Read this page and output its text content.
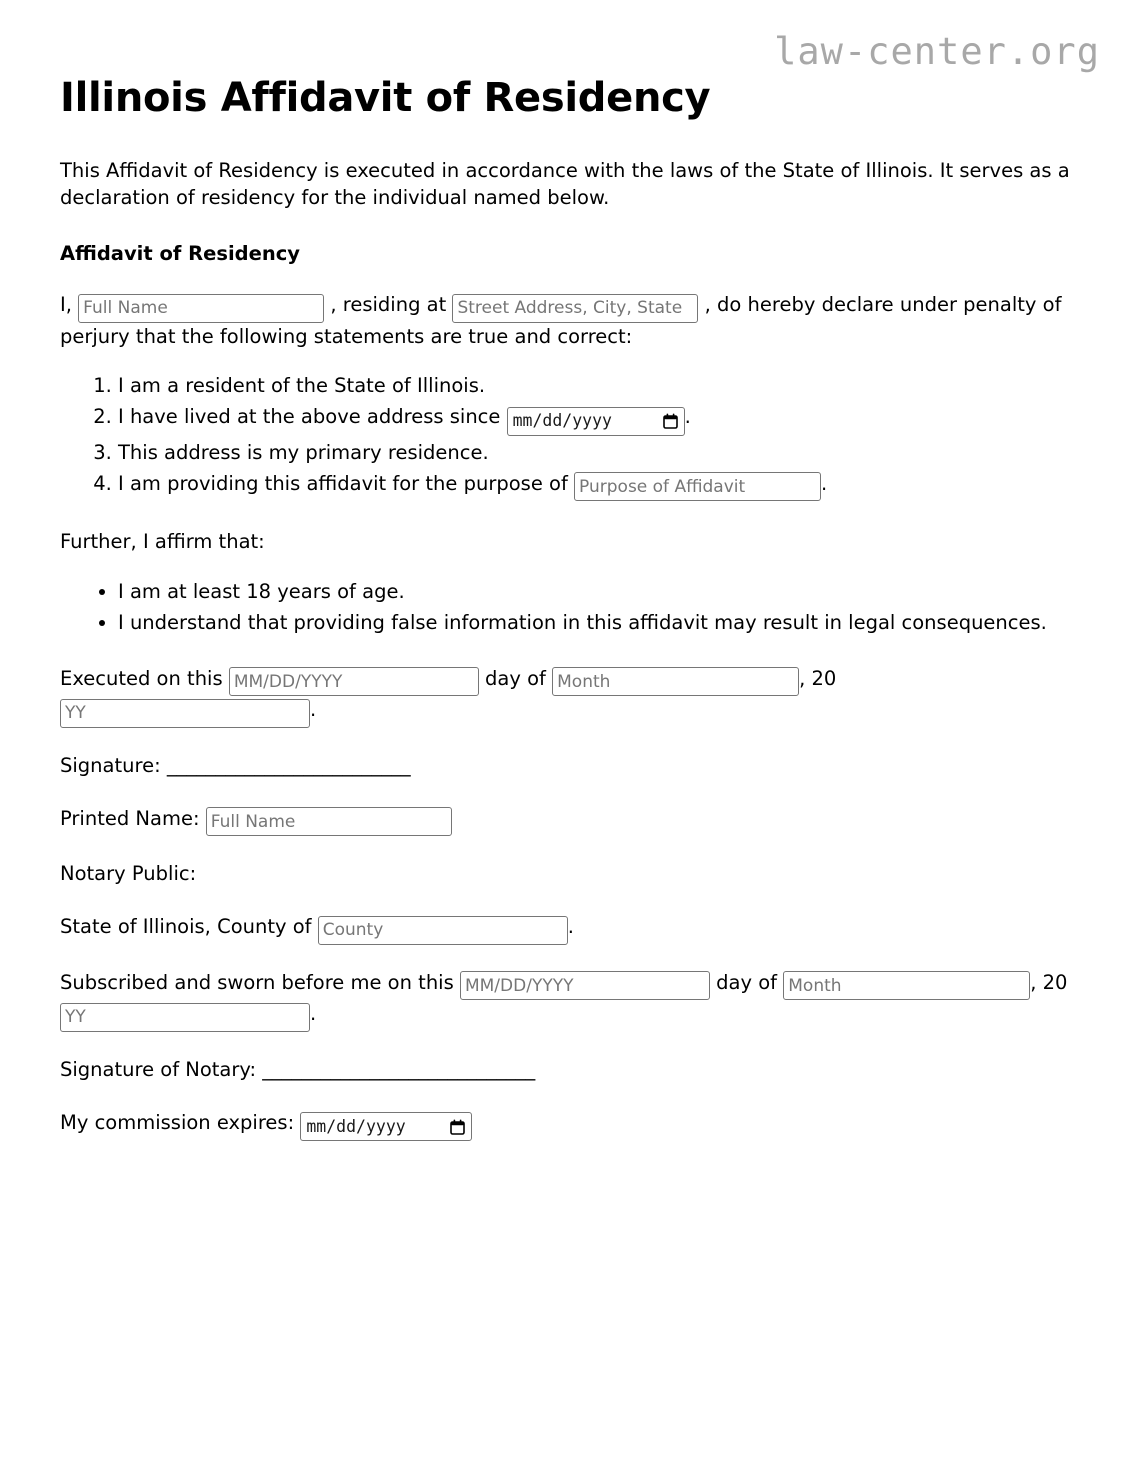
law-center.org
Illinois Affidavit of Residency

This Affidavit of Residency is executed in accordance with the laws of the State of Illinois. It serves as a declaration of residency for the individual named below.

Affidavit of Residency

I, Full Name	, residing at Street Address, City, State	, do hereby declare under penalty of perjury that the following statements are true and correct:

1. I am a resident of the State of Illinois.
2. I have lived at the above address since mm/dd/yyyy	.
3. This address is my primary residence.
4. I am providing this affidavit for the purpose of Purpose of Affidavit	.

Further, I affirm that:

• I am at least 18 years of age.
• I understand that providing false information in this affidavit may result in legal consequences.

Executed on this MM/DD/YYYY	day of Month	, 20 YY.

Signature: _________________________

Printed Name: Full Name

Notary Public:

State of Illinois, County of County	.

Subscribed and sworn before me on this MM/DD/YYYY	day of Month	, 20YY.

Signature of Notary: ____________________________

My commission expires: mm/dd/yyyy
